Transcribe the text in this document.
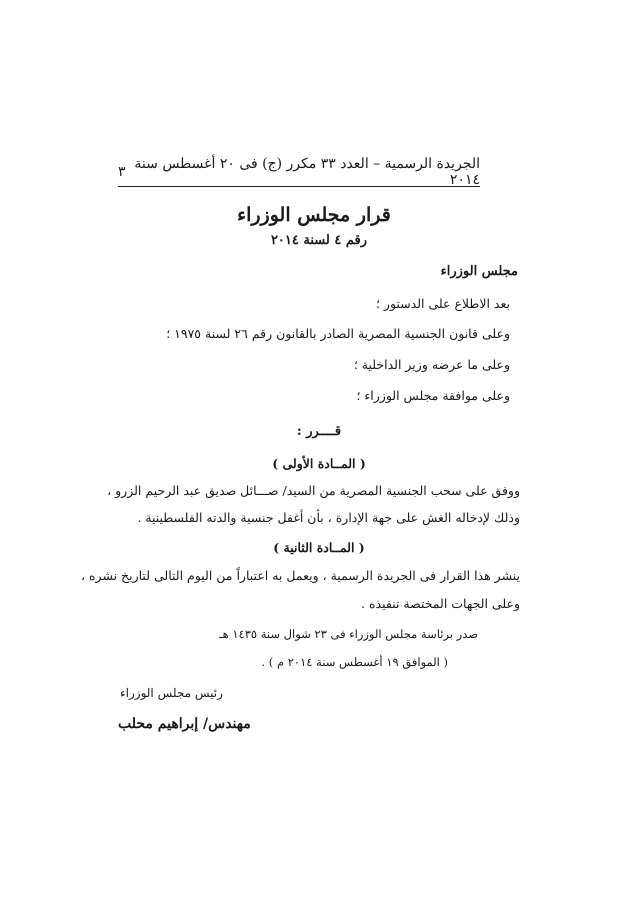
الجريدة الرسمية – العدد ٣٣ مكرر (ج) فى ٢٠ أغسطس سنة ٢٠١٤
٣
قرار مجلس الوزراء
رقم ٤ لسنة ٢٠١٤
مجلس الوزراء
بعد الاطلاع على الدستور ؛
وعلى قانون الجنسية المصرية الصادر بالقانون رقم ٢٦ لسنة ١٩٧٥ ؛
وعلى ما عرضه وزير الداخلية ؛
وعلى موافقة مجلس الوزراء ؛
قــــرر :
( المــادة الأولى )
ووفق على سحب الجنسية المصرية من السيد/ صـــائل صديق عبد الرحيم الزرو ،
وذلك لإدخاله الغش على جهة الإدارة ، بأن أغفل جنسية والدته الفلسطينية .
( المــادة الثانية )
ينشر هذا القرار فى الجريدة الرسمية ، ويعمل به اعتباراً من اليوم التالى لتاريخ نشره ،
وعلى الجهات المختصة تنفيذه .
صدر برئاسة مجلس الوزراء فى ٢٣ شوال سنة ١٤٣٥ هـ
( الموافق ١٩ أغسطس سنة ٢٠١٤ م ) .
رئيس مجلس الوزراء
مهندس/ إبراهيم محلب
